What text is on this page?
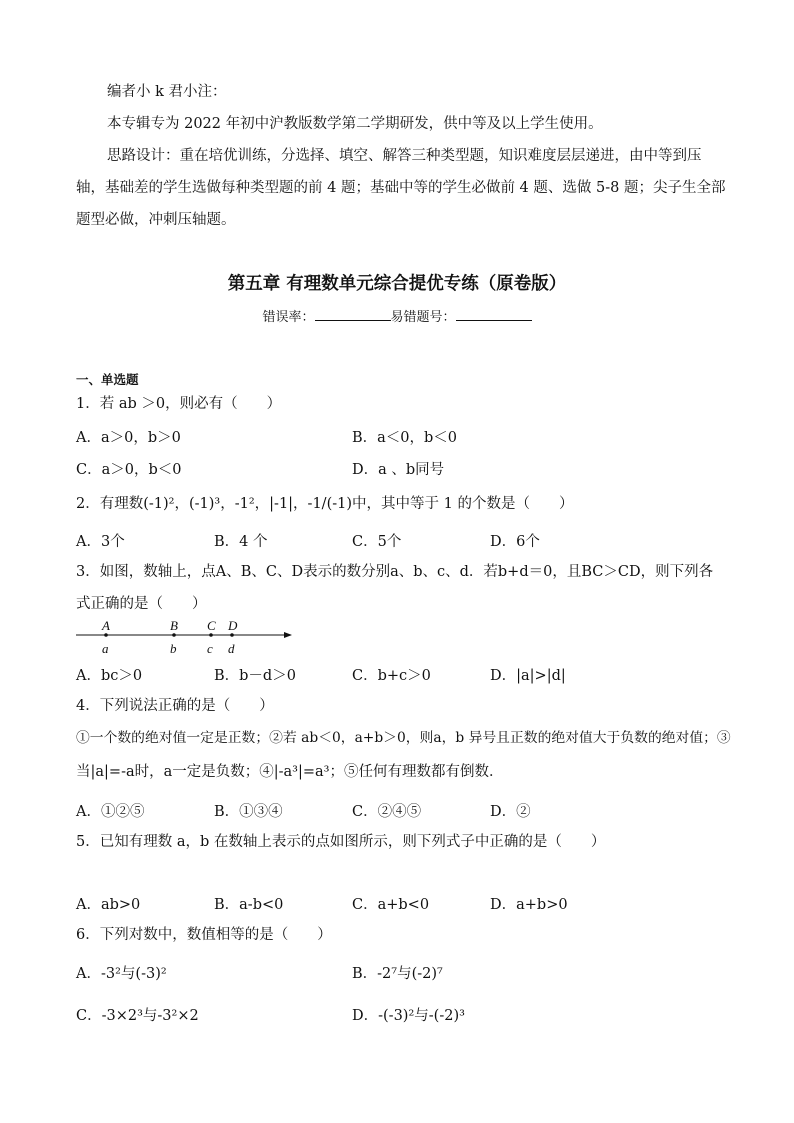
编者小 k 君小注：
本专辑专为 2022 年初中沪教版数学第二学期研发，供中等及以上学生使用。
思路设计：重在培优训练，分选择、填空、解答三种类型题，知识难度层层递进，由中等到压轴，基础差的学生选做每种类型题的前 4 题；基础中等的学生必做前 4 题、选做 5-8 题；尖子生全部题型必做，冲刺压轴题。
第五章 有理数单元综合提优专练（原卷版）
错误率：	易错题号：
一、单选题
1．若 ab ＞0，则必有（　　）
A．a＞0，b＞0	B．a＜0，b＜0
C．a＞0，b＜0	D．a 、b同号
2．有理数(-1)²，(-1)³，-1²，|-1|，-1/(-1)中，其中等于 1 的个数是（　　）
A．3个	B．4 个	C．5个	D．6个
3．如图，数轴上，点A、B、C、D表示的数分别a、b、c、d．若b+d＝0，且BC＞CD，则下列各式正确的是（　　）
A
a
B
b
C
c
D
d
A．bc＞0	B．b－d＞0	C．b+c＞0	D．|a|>|d|
4．下列说法正确的是（　　）
①一个数的绝对值一定是正数；②若 ab＜0，a+b＞0，则a，b 异号且正数的绝对值大于负数的绝对值；③
当|a|=-a时，a一定是负数；④|-a³|=a³；⑤任何有理数都有倒数．
A．①②⑤	B．①③④	C．②④⑤	D．②
5．已知有理数 a，b 在数轴上表示的点如图所示，则下列式子中正确的是（　　）
A．ab>0	B．a-b<0	C．a+b<0	D．a+b>0
6．下列对数中，数值相等的是（　　）
A．-3²与(-3)²	B．-2⁷与(-2)⁷
C．-3×2³与-3²×2	D．-(-3)²与-(-2)³
